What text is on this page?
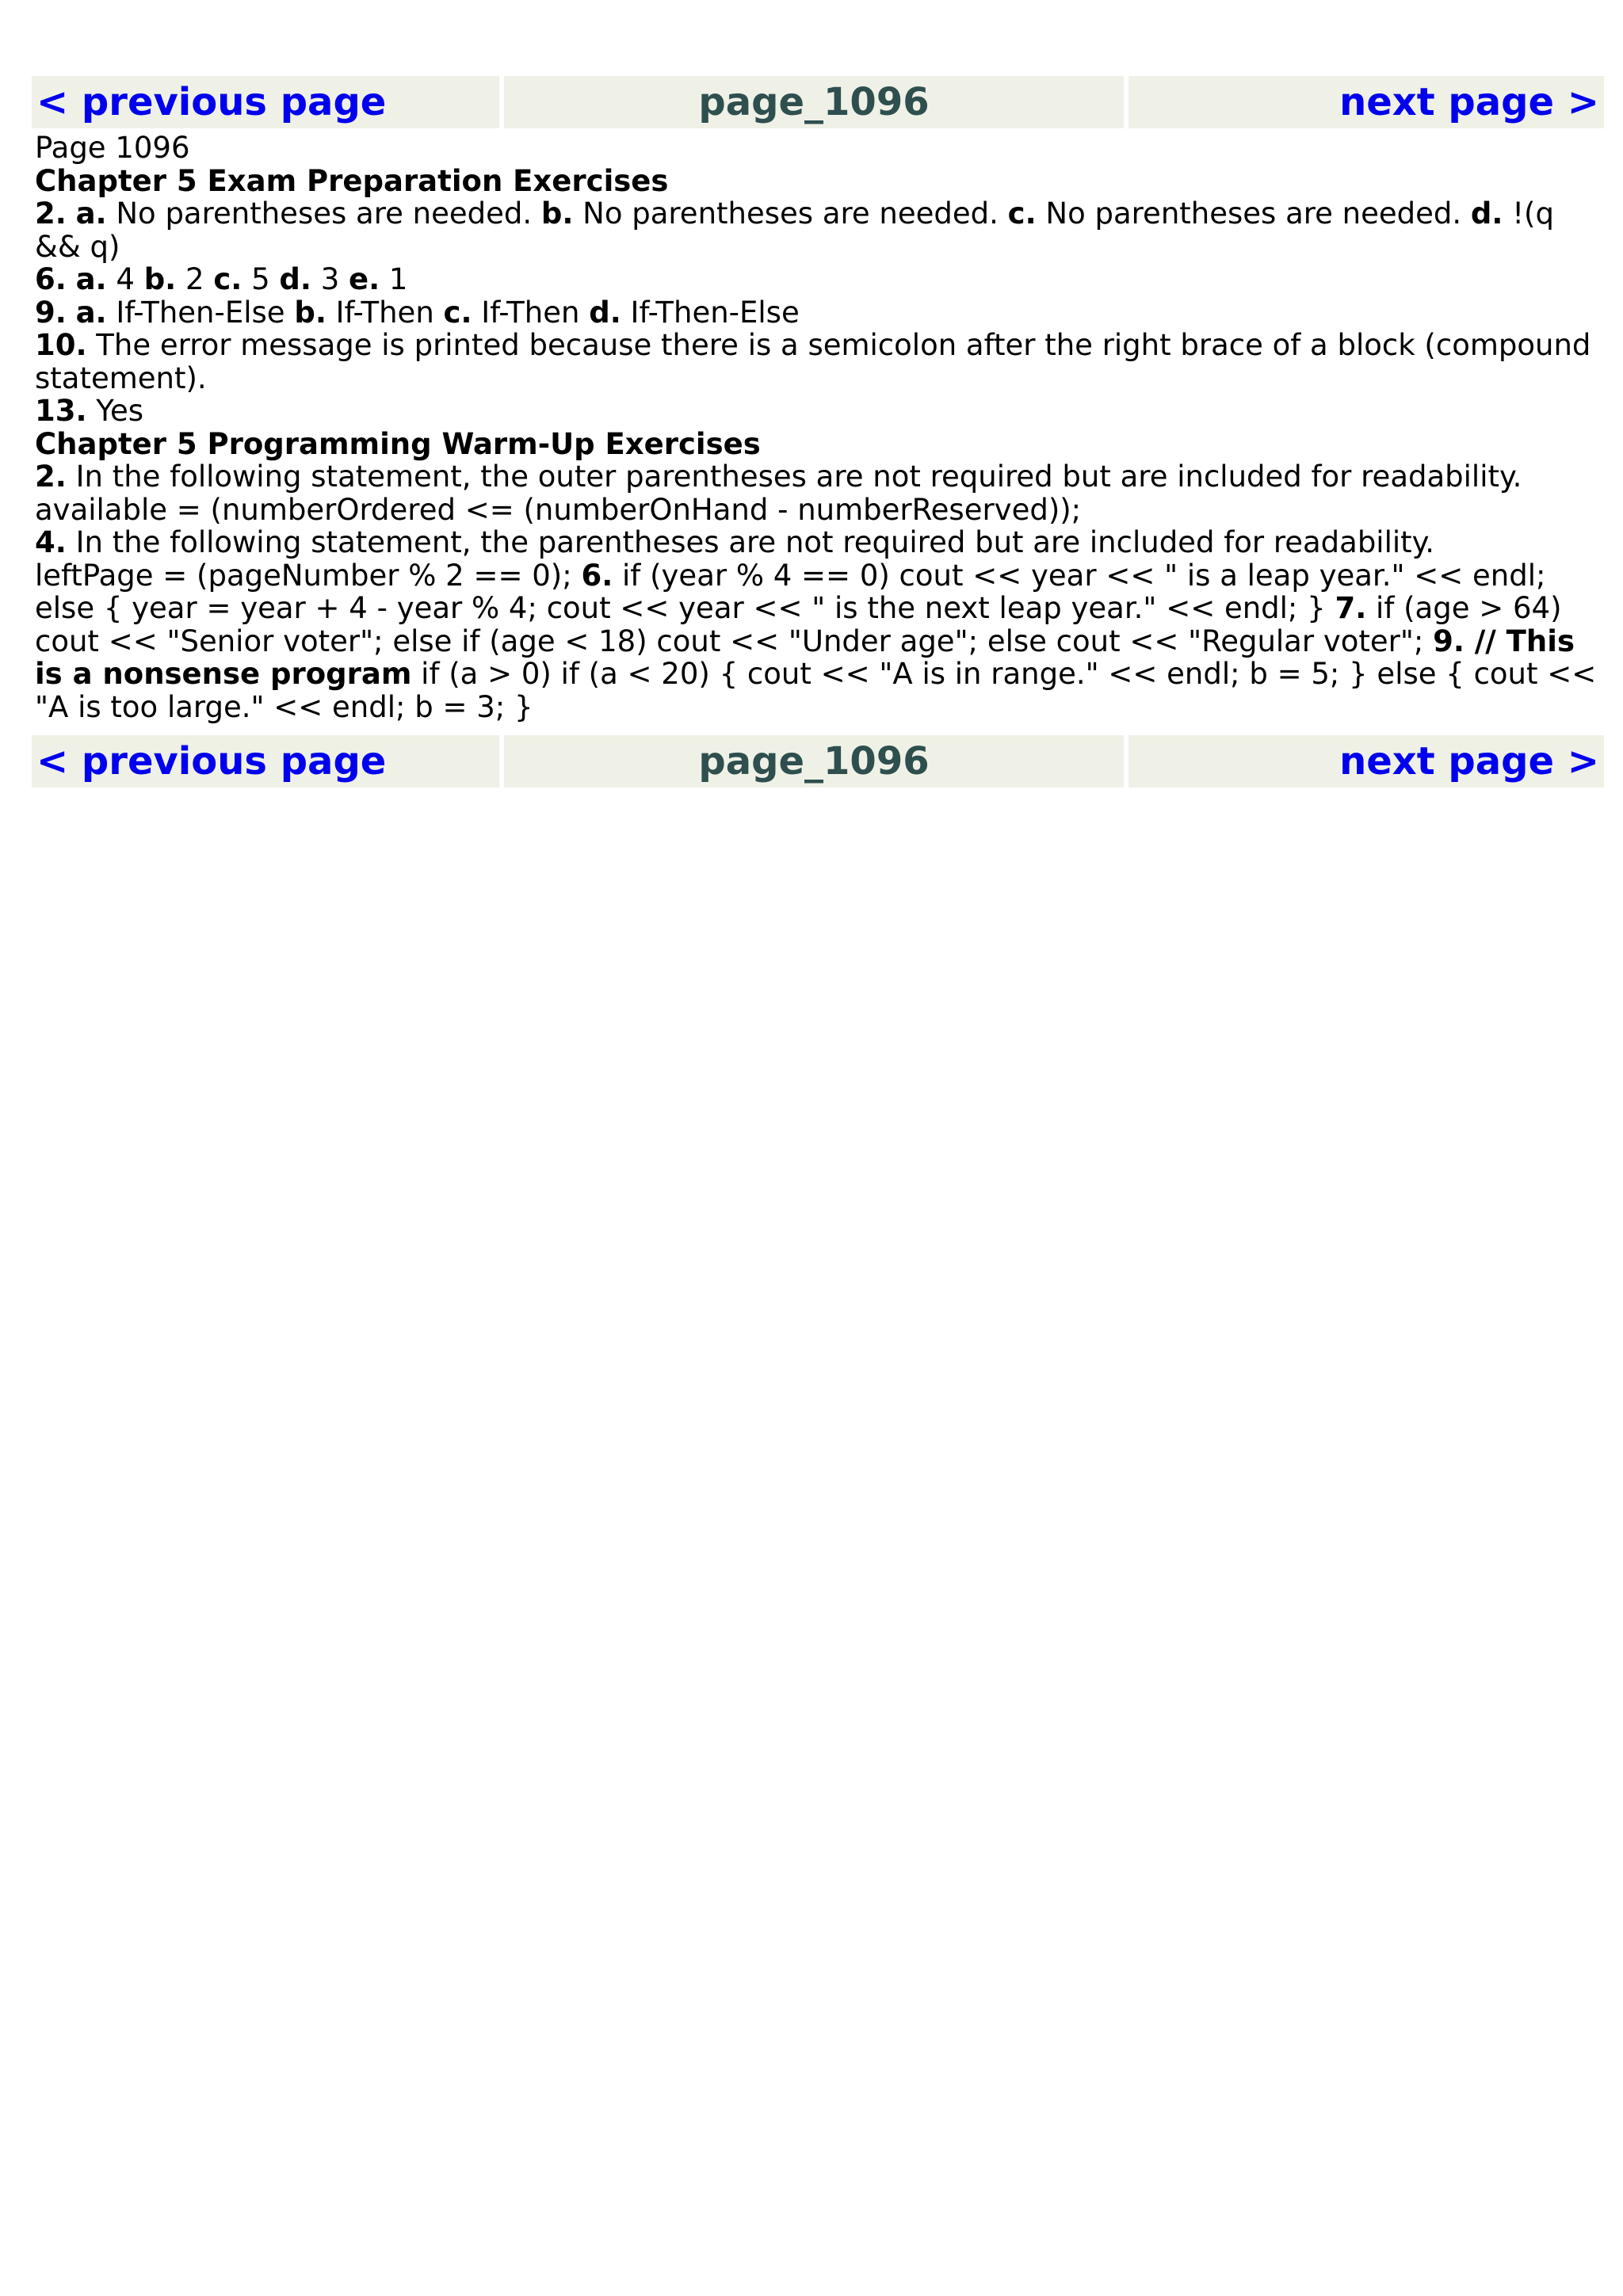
< previous page	page_1096	next page >

Page 1096

Chapter 5 Exam Preparation Exercises

2. a. No parentheses are needed. b. No parentheses are needed. c. No parentheses are needed. d. !(q && q)

6. a. 4 b. 2 c. 5 d. 3 e. 1

9. a. If-Then-Else b. If-Then c. If-Then d. If-Then-Else

10. The error message is printed because there is a semicolon after the right brace of a block (compound statement).

13. Yes

Chapter 5 Programming Warm-Up Exercises

2. In the following statement, the outer parentheses are not required but are included for readability.
available = (numberOrdered <= (numberOnHand - numberReserved));

4. In the following statement, the parentheses are not required but are included for readability.
leftPage = (pageNumber % 2 == 0); 6. if (year % 4 == 0) cout << year << " is a leap year." << endl; else { year = year + 4 - year % 4; cout << year << " is the next leap year." << endl; } 7. if (age > 64) cout << "Senior voter"; else if (age < 18) cout << "Under age"; else cout << "Regular voter"; 9. // This is a nonsense program if (a > 0) if (a < 20) { cout << "A is in range." << endl; b = 5; } else { cout << "A is too large." << endl; b = 3; }

< previous page	page_1096	next page >
